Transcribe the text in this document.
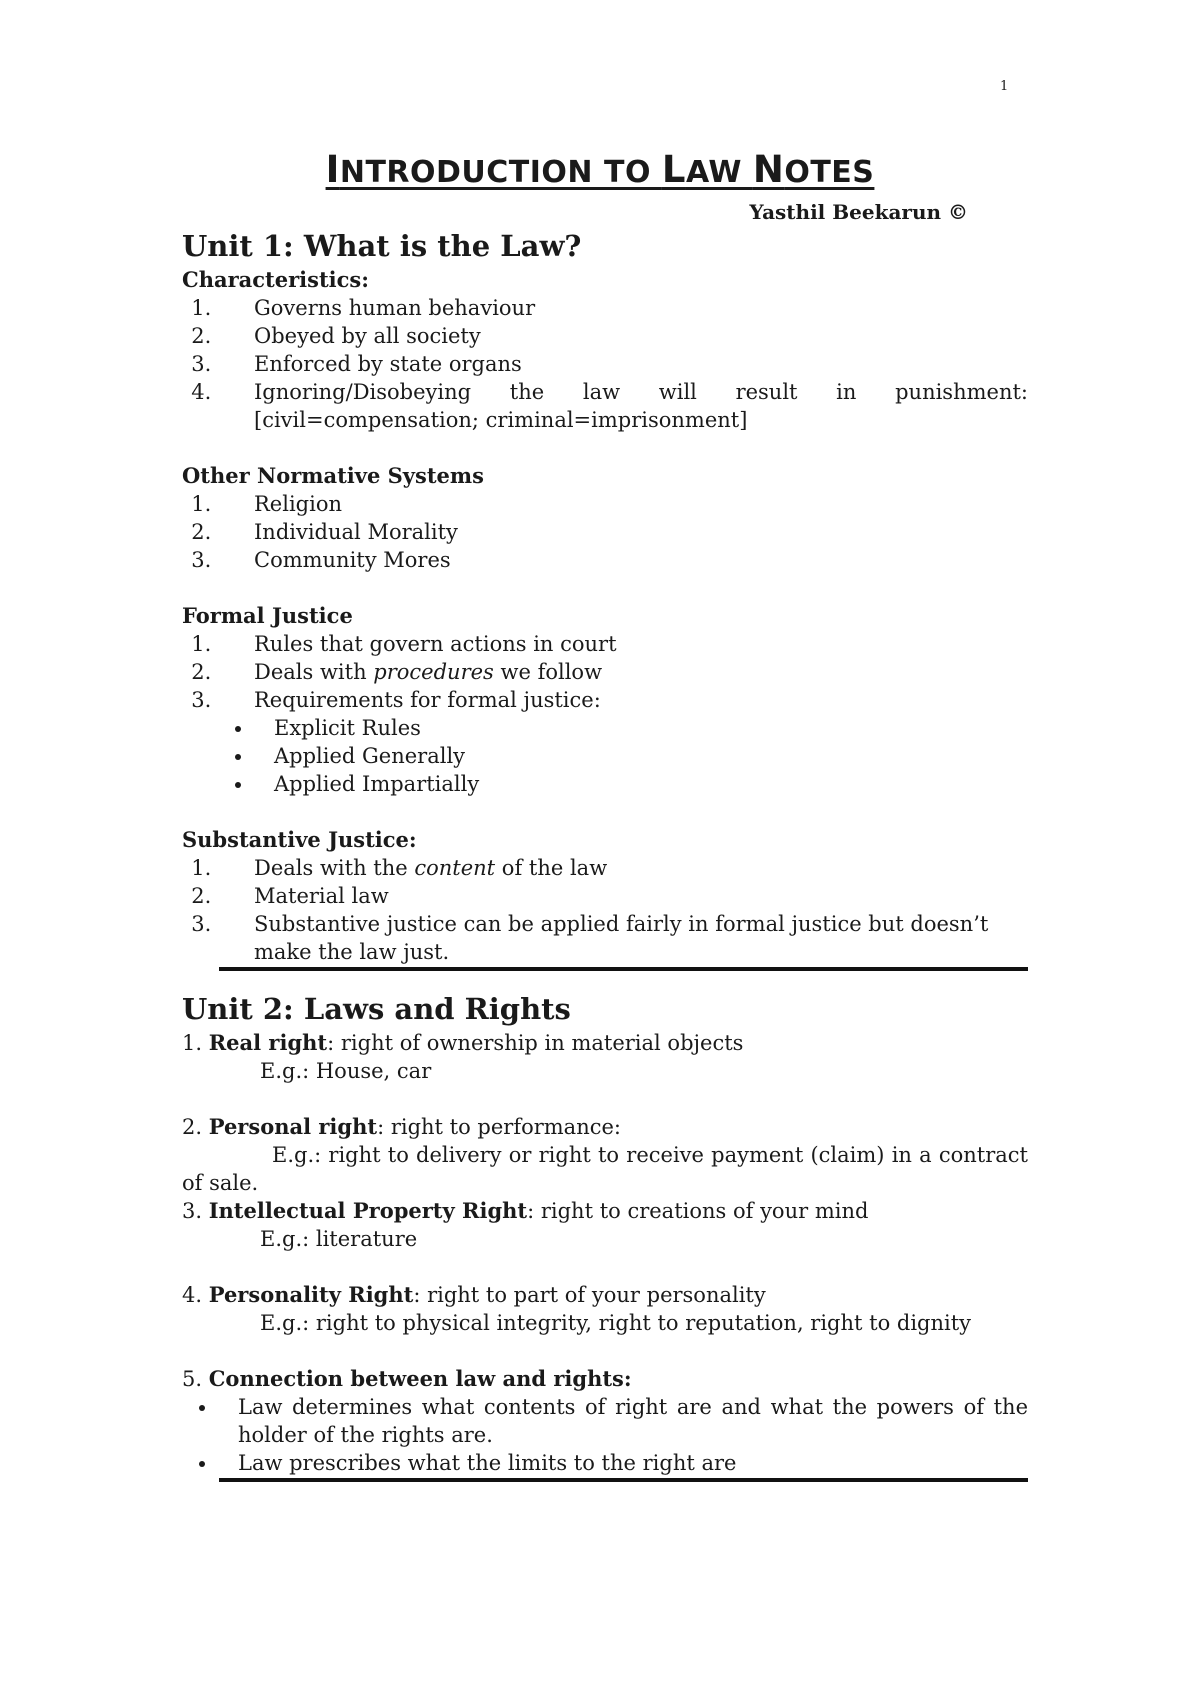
1
INTRODUCTION TO LAW NOTES
Yasthil Beekarun ©
Unit 1: What is the Law?

Characteristics:

1. Governs human behaviour
2. Obeyed by all society
3. Enforced by state organs
4. Ignoring/Disobeying the law will result in punishment: [civil=compensation; criminal=imprisonment]

Other Normative Systems

1. Religion
2. Individual Morality
3. Community Mores

Formal Justice

1. Rules that govern actions in court
2. Deals with procedures we follow
3. Requirements for formal justice:
• Explicit Rules
• Applied Generally
• Applied Impartially

Substantive Justice:

1. Deals with the content of the law
2. Material law
3. Substantive justice can be applied fairly in formal justice but doesn’t make the law just.
Unit 2: Laws and Rights

1. Real right: right of ownership in material objects

E.g.: House, car

2. Personal right: right to performance:

E.g.: right to delivery or right to receive payment (claim) in a contract of sale.

3. Intellectual Property Right: right to creations of your mind

E.g.: literature

4. Personality Right: right to part of your personality

E.g.: right to physical integrity, right to reputation, right to dignity

5. Connection between law and rights:

• Law determines what contents of right are and what the powers of the holder of the rights are.
• Law prescribes what the limits to the right are
